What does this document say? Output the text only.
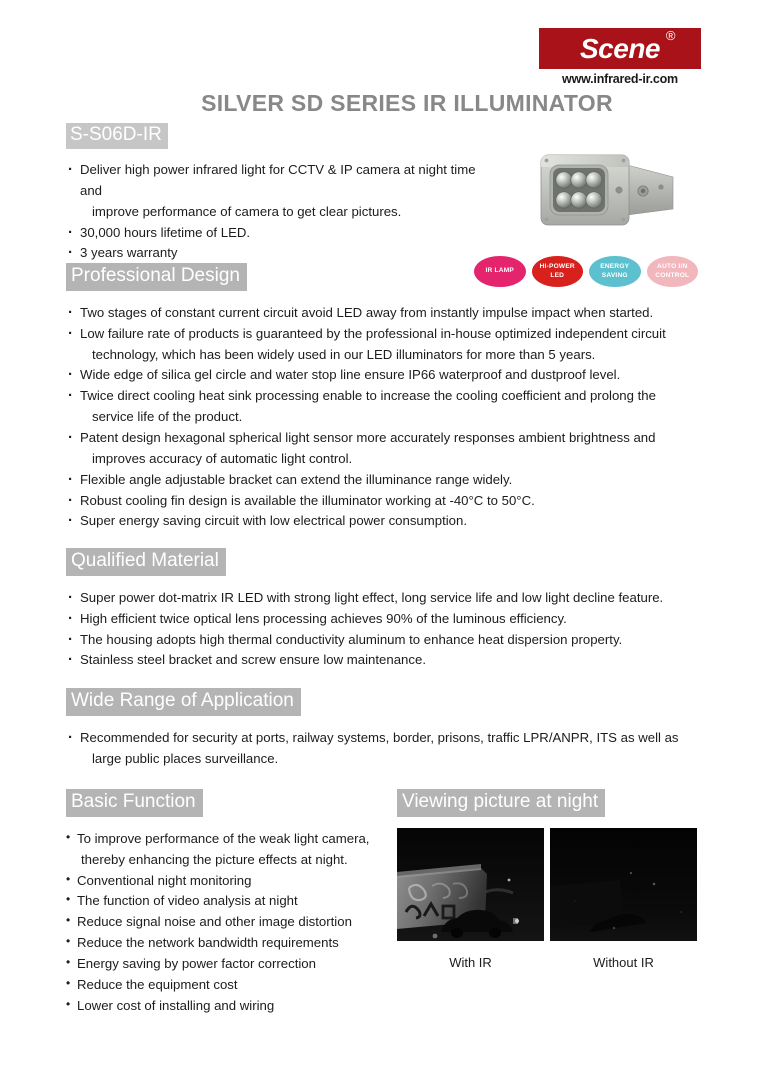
Scene ®
www.infrared-ir.com
SILVER SD SERIES IR ILLUMINATOR
S-S06D-IR
· Deliver high power infrared light for CCTV & IP camera at night time and
improve performance of camera to get clear pictures.
· 30,000 hours lifetime of LED.
· 3 years warranty
IR LAMP
HI-POWER
LED
ENERGY
SAVING
AUTO I/N
CONTROL
Professional Design
· Two stages of constant current circuit avoid LED away from instantly impulse impact when started.
· Low failure rate of products is guaranteed by the professional in-house optimized independent circuit
technology, which has been widely used in our LED illuminators for more than 5 years.
· Wide edge of silica gel circle and water stop line ensure IP66 waterproof and dustproof level.
· Twice direct cooling heat sink processing enable to increase the cooling coefficient and prolong the
service life of the product.
· Patent design hexagonal spherical light sensor more accurately responses ambient brightness and
improves accuracy of automatic light control.
· Flexible angle adjustable bracket can extend the illuminance range widely.
· Robust cooling fin design is available the illuminator working at -40°C to 50°C.
· Super energy saving circuit with low electrical power consumption.
Qualified Material
· Super power dot-matrix IR LED with strong light effect, long service life and low light decline feature.
· High efficient twice optical lens processing achieves 90% of the luminous efficiency.
· The housing adopts high thermal conductivity aluminum to enhance heat dispersion property.
· Stainless steel bracket and screw ensure low maintenance.
Wide Range of Application
· Recommended for security at ports, railway systems, border, prisons, traffic LPR/ANPR, ITS as well as
large public places surveillance.
Basic Function
• To improve performance of the weak light camera,
thereby enhancing the picture effects at night.
• Conventional night monitoring
• The function of video analysis at night
• Reduce signal noise and other image distortion
• Reduce the network bandwidth requirements
• Energy saving by power factor correction
• Reduce the equipment cost
• Lower cost of installing and wiring
Viewing picture at night
With IR	Without IR
